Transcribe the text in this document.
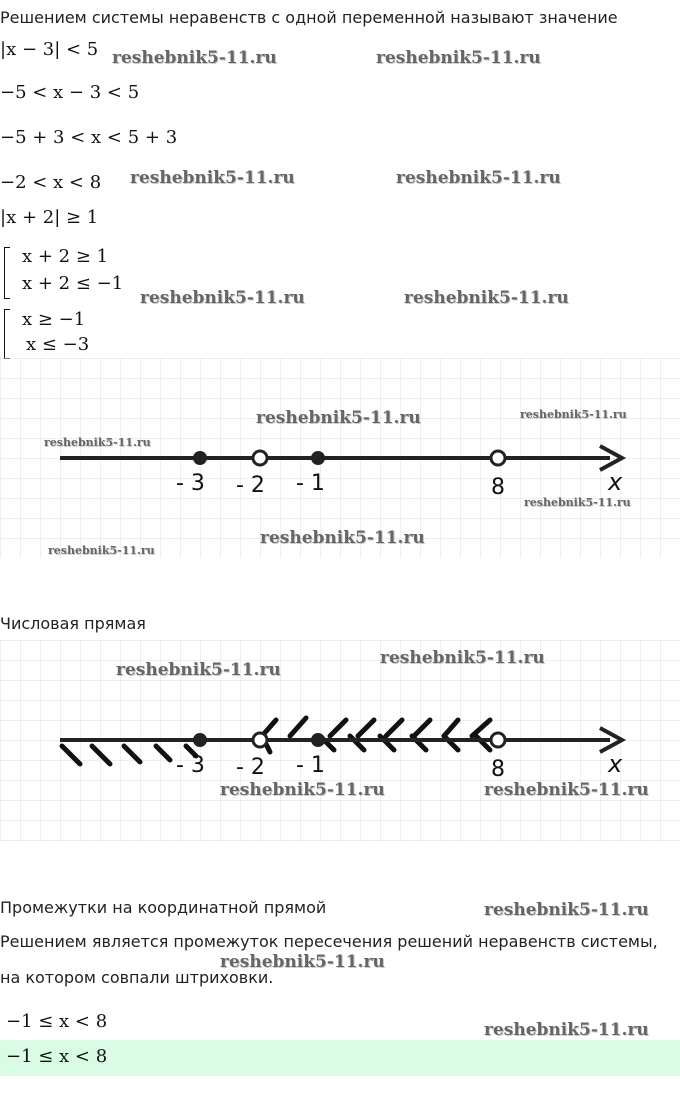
Решением системы неравенств с одной переменной называют значение
|x − 3| < 5
−5 < x − 3 < 5
−5 + 3 < x < 5 + 3
−2 < x < 8
|x + 2| ≥ 1
x + 2 ≥ 1
x + 2 ≤ −1
x ≥ −1
x ≤ −3
- 3 - 2 - 1	8	x
Числовая прямая
- 3 - 2 - 1	8	x
Промежутки на координатной прямой
Решением является промежуток пересечения решений неравенств системы,
на котором совпали штриховки.
−1 ≤ x < 8
−1 ≤ x < 8
reshebnik5-11.ru	reshebnik5-11.ru
reshebnik5-11.ru	reshebnik5-11.ru
reshebnik5-11.ru	reshebnik5-11.ru
reshebnik5-11.ru	reshebnik5-11.ru
reshebnik5-11.ru
reshebnik5-11.ru
reshebnik5-11.ru
reshebnik5-11.ru
reshebnik5-11.ru
reshebnik5-11.ru
reshebnik5-11.ru	reshebnik5-11.ru
reshebnik5-11.ru
reshebnik5-11.ru
reshebnik5-11.ru
